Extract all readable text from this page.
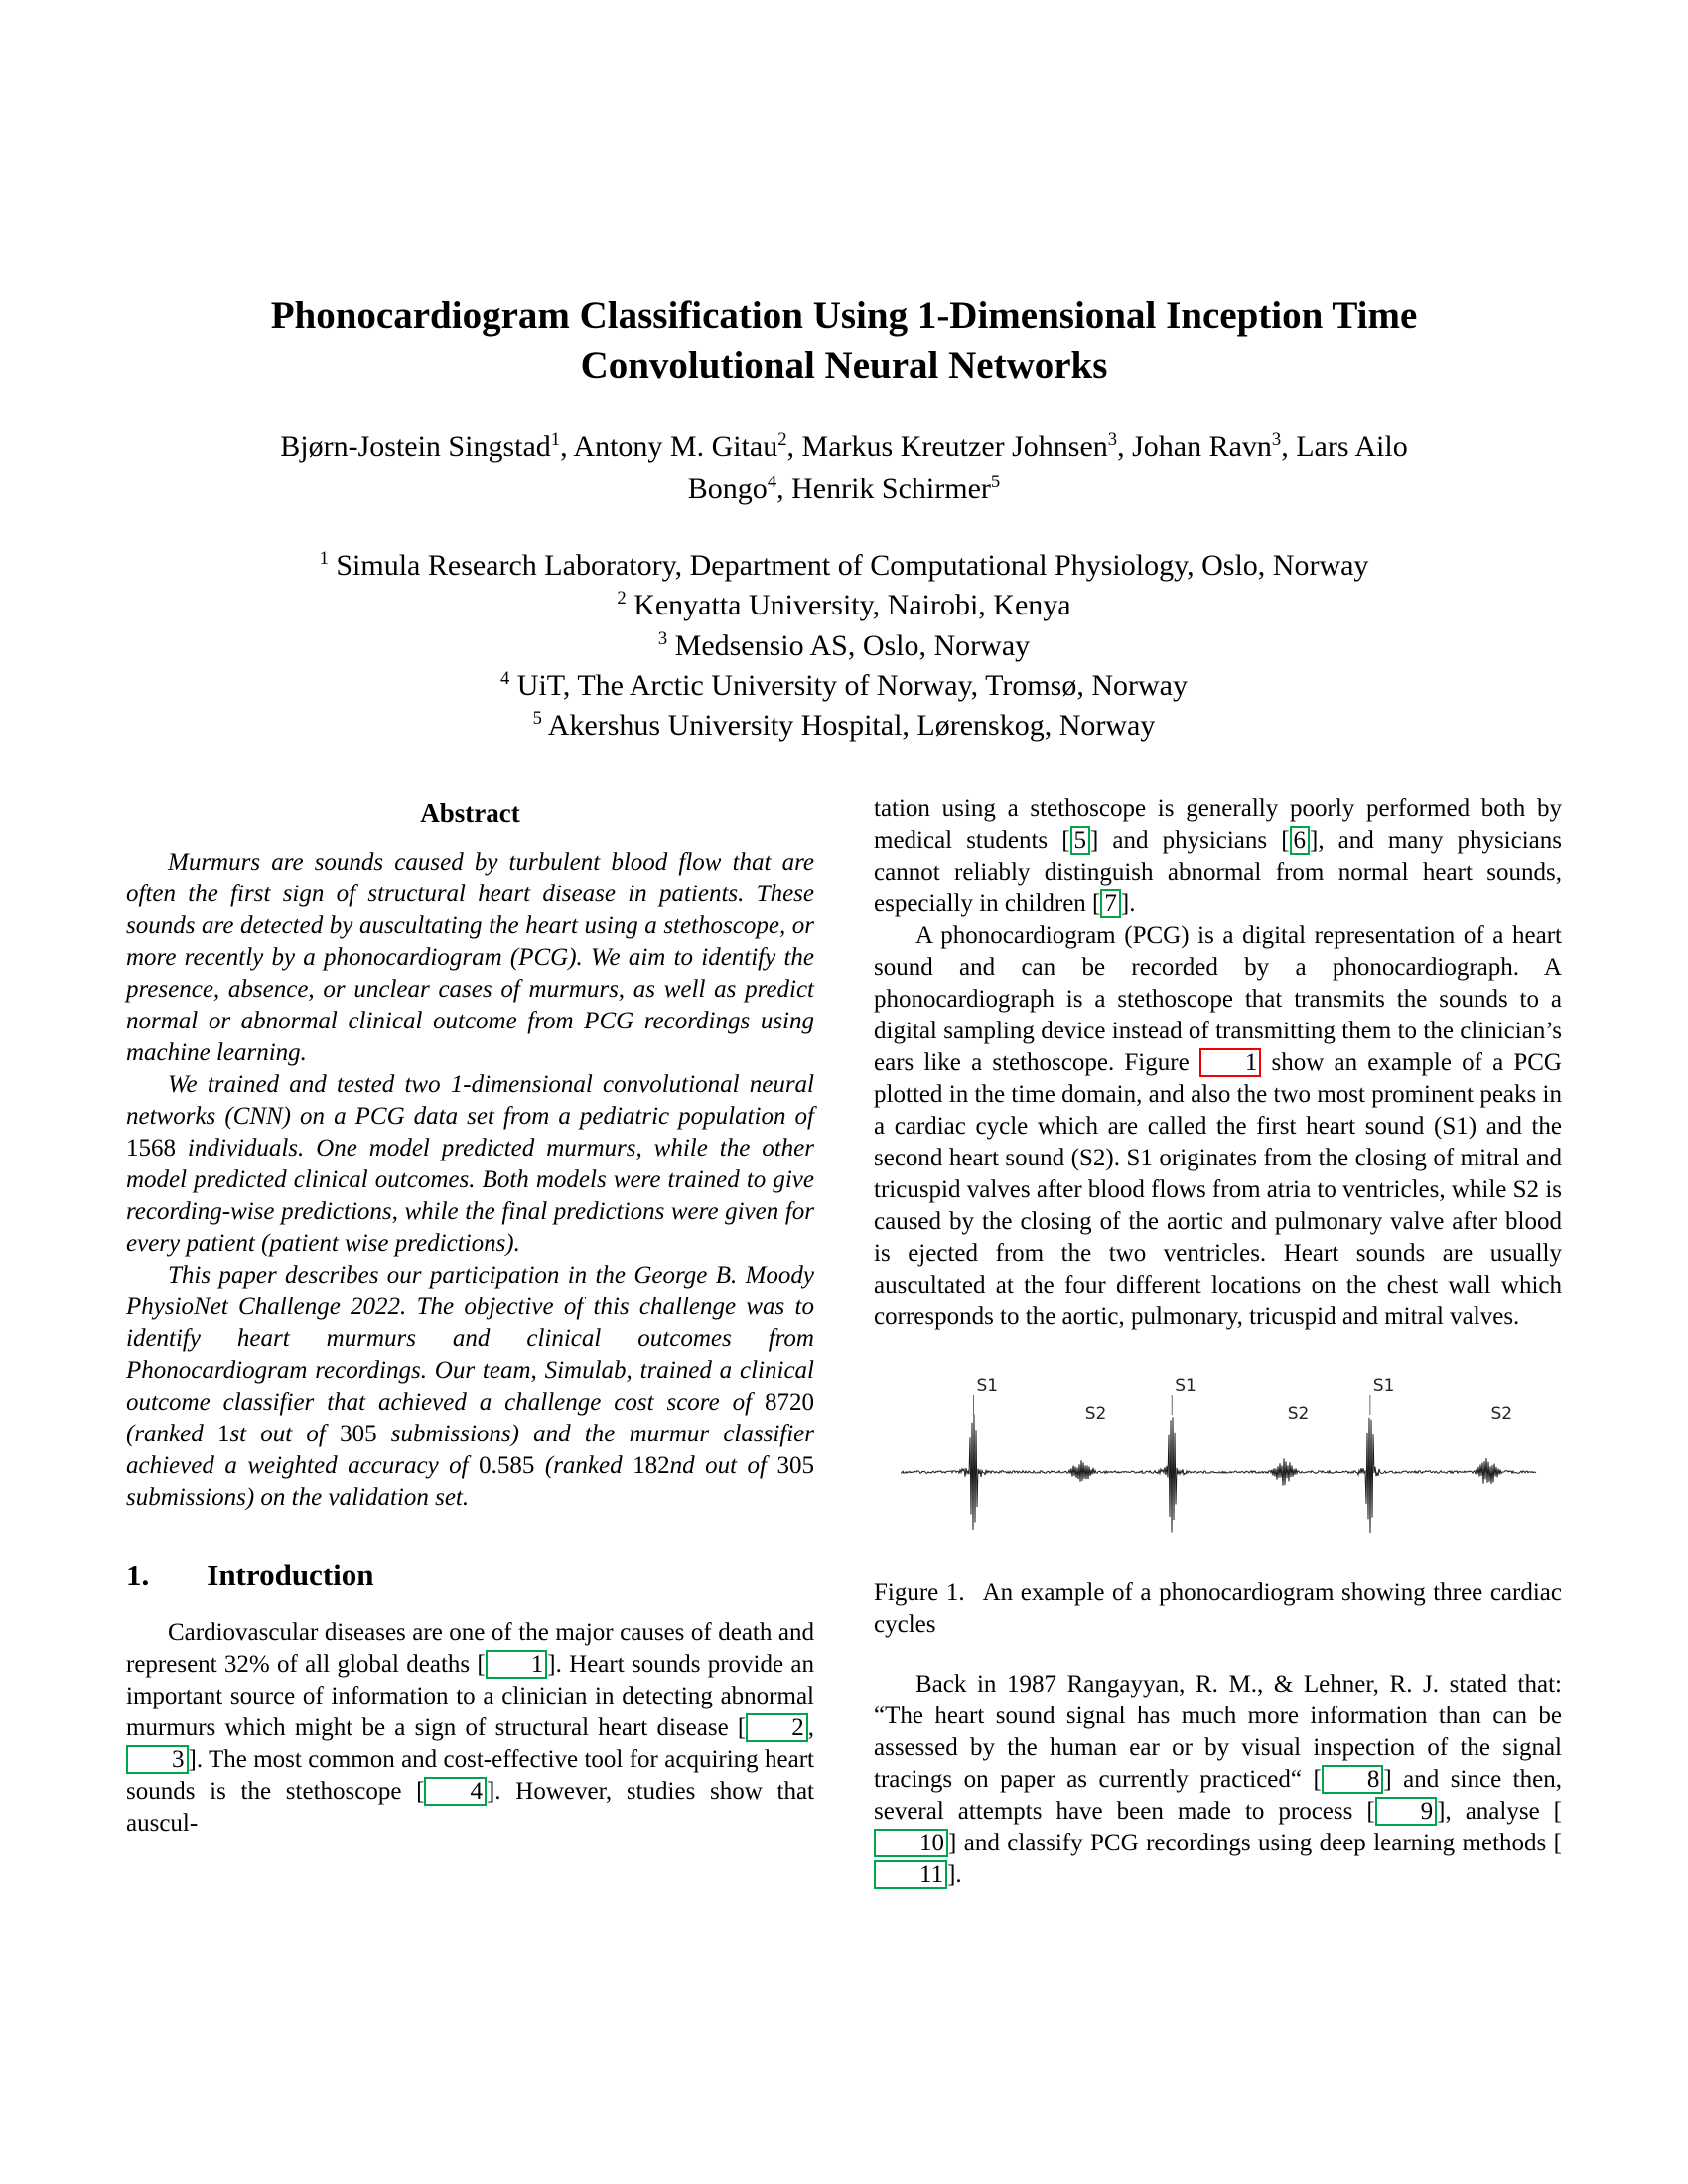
Phonocardiogram Classification Using 1-Dimensional Inception Time
Convolutional Neural Networks
Bjørn-Jostein Singstad$^1$, Antony M. Gitau$^2$, Markus Kreutzer Johnsen$^3$, Johan Ravn$^3$, Lars Ailo
Bongo$^4$, Henrik Schirmer$^5$
$^1$ Simula Research Laboratory, Department of Computational Physiology, Oslo, Norway
$^2$ Kenyatta University, Nairobi, Kenya
$^3$ Medsensio AS, Oslo, Norway
$^4$ UiT, The Arctic University of Norway, Tromsø, Norway
$^5$ Akershus University Hospital, Lørenskog, Norway
Abstract

Murmurs are sounds caused by turbulent blood flow that are often the first sign of structural heart disease in patients. These sounds are detected by auscultating the heart using a stethoscope, or more recently by a phonocardiogram (PCG). We aim to identify the presence, absence, or unclear cases of murmurs, as well as predict normal or abnormal clinical outcome from PCG recordings using machine learning.

We trained and tested two 1-dimensional convolutional neural networks (CNN) on a PCG data set from a pediatric population of 1568 individuals. One model predicted murmurs, while the other model predicted clinical outcomes. Both models were trained to give recording-wise predictions, while the final predictions were given for every patient (patient wise predictions).

This paper describes our participation in the George B. Moody PhysioNet Challenge 2022. The objective of this challenge was to identify heart murmurs and clinical outcomes from Phonocardiogram recordings. Our team, Simulab, trained a clinical outcome classifier that achieved a challenge cost score of 8720 (ranked 1st out of 305 submissions) and the murmur classifier achieved a weighted accuracy of 0.585 (ranked 182nd out of 305 submissions) on the validation set.

1. Introduction

Cardiovascular diseases are one of the major causes of death and represent 32% of all global deaths [ 1 ]. Heart sounds provide an important source of information to a clinician in detecting abnormal murmurs which might be a sign of structural heart disease [ 2 , 3 ]. The most common and cost-effective tool for acquiring heart sounds is the stethoscope [ 4 ]. However, studies show that auscul-

tation using a stethoscope is generally poorly performed both by medical students [ 5 ] and physicians [ 6 ], and many physicians cannot reliably distinguish abnormal from normal heart sounds, especially in children [ 7 ].

A phonocardiogram (PCG) is a digital representation of a heart sound and can be recorded by a phonocardiograph. A phonocardiograph is a stethoscope that transmits the sounds to a digital sampling device instead of transmitting them to the clinician’s ears like a stethoscope. Figure 1 show an example of a PCG plotted in the time domain, and also the two most prominent peaks in a cardiac cycle which are called the first heart sound (S1) and the second heart sound (S2). S1 originates from the closing of mitral and tricuspid valves after blood flows from atria to ventricles, while S2 is caused by the closing of the aortic and pulmonary valve after blood is ejected from the two ventricles. Heart sounds are usually auscultated at the four different locations on the chest wall which corresponds to the aortic, pulmonary, tricuspid and mitral valves.

S1	S1	S1
S2	S2	S2
Figure 1. An example of a phonocardiogram showing three cardiac cycles

Back in 1987 Rangayyan, R. M., & Lehner, R. J. stated that: “The heart sound signal has much more information than can be assessed by the human ear or by visual inspection of the signal tracings on paper as currently practiced“ [ 8 ] and since then, several attempts have been made to process [ 9 ], analyse [10 ] and classify PCG recordings using deep learning methods [11 ].
